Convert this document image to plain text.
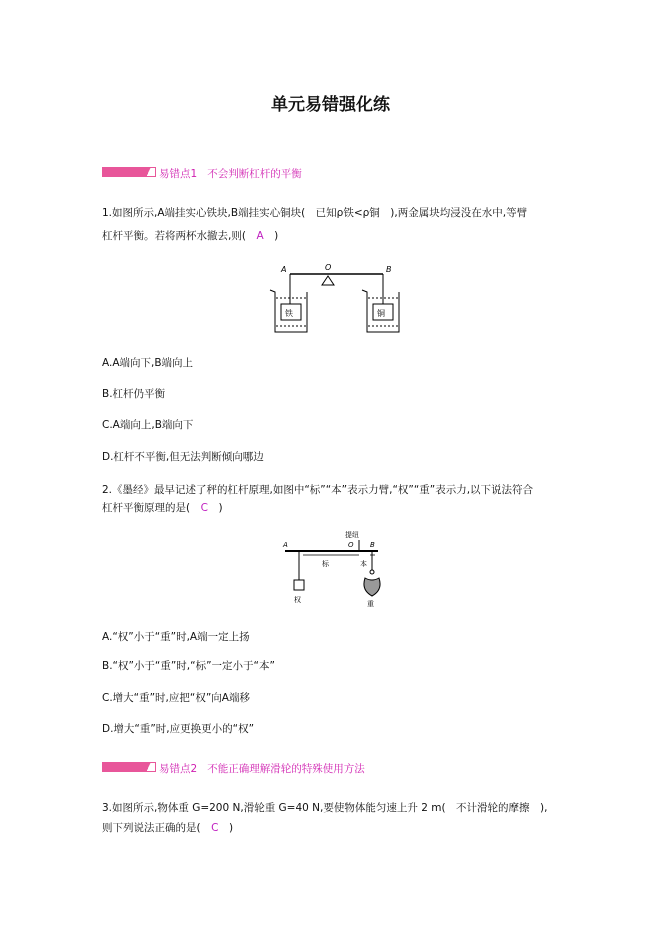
单元易错强化练
易错点1 不会判断杠杆的平衡
1.如图所示,A端挂实心铁块,B端挂实心铜块(　已知ρ铁<ρ铜　),两金属块均浸没在水中,等臂
杠杆平衡。若将两杯水撤去,则(　A　)
A	O	B
铁	铜
A.A端向下,B端向上
B.杠杆仍平衡
C.A端向上,B端向下
D.杠杆不平衡,但无法判断倾向哪边
2.《墨经》最早记述了秤的杠杆原理,如图中“标”“本”表示力臂,“权”“重”表示力,以下说法符合
杠杆平衡原理的是(　C　)
A	O B
提纽
权
标	本
重
A.“权”小于“重”时,A端一定上扬
B.“权”小于“重”时,“标”一定小于“本”
C.增大“重”时,应把“权”向A端移
D.增大“重”时,应更换更小的“权”
易错点2 不能正确理解滑轮的特殊使用方法
3.如图所示,物体重 G=200 N,滑轮重 G=40 N,要使物体能匀速上升 2 m(　不计滑轮的摩擦　),
则下列说法正确的是(　C　)
